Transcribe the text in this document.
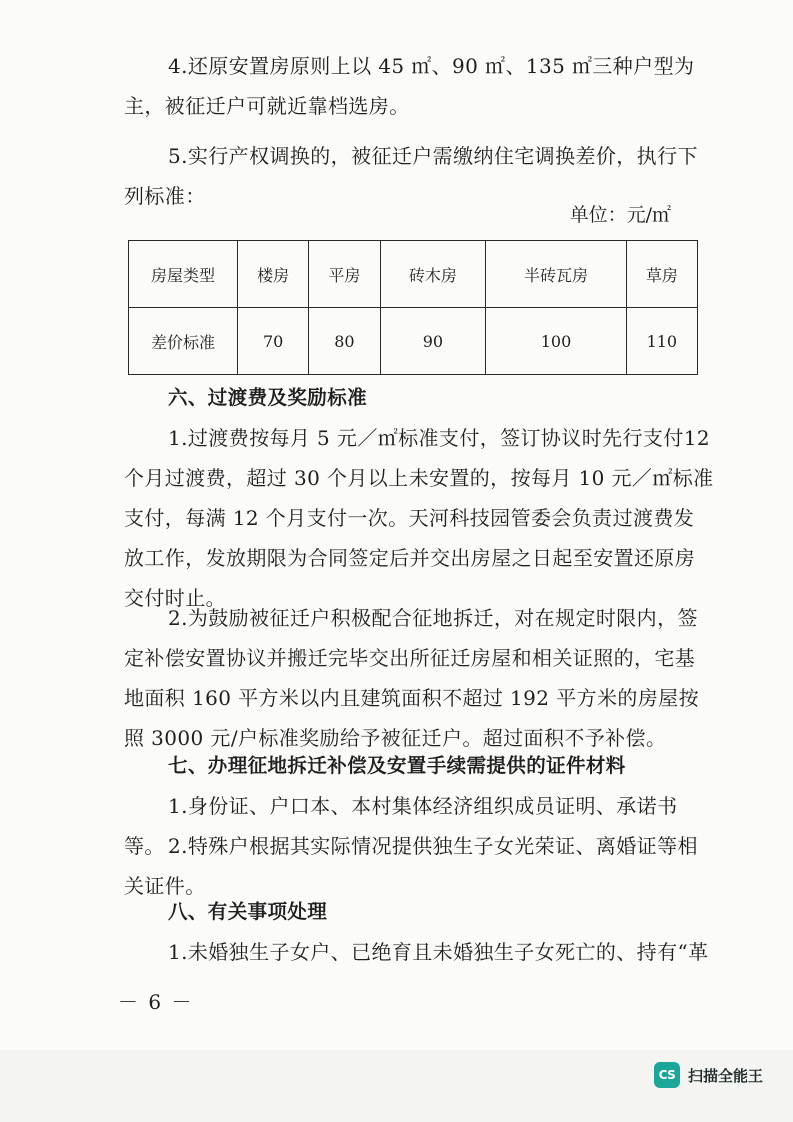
4.还原安置房原则上以 45 ㎡、90 ㎡、135 ㎡三种户型为主，被征迁户可就近靠档选房。

5.实行产权调换的，被征迁户需缴纳住宅调换差价，执行下列标准：

单位：元/㎡
房屋类型	楼房	平房	砖木房	半砖瓦房	草房
差价标准	70	80	90	100	110

六、过渡费及奖励标准

1.过渡费按每月 5 元／㎡标准支付，签订协议时先行支付12 个月过渡费，超过 30 个月以上未安置的，按每月 10 元／㎡标准支付，每满 12 个月支付一次。天河科技园管委会负责过渡费发放工作，发放期限为合同签定后并交出房屋之日起至安置还原房交付时止。

2.为鼓励被征迁户积极配合征地拆迁，对在规定时限内，签定补偿安置协议并搬迁完毕交出所征迁房屋和相关证照的，宅基地面积 160 平方米以内且建筑面积不超过 192 平方米的房屋按照 3000 元/户标准奖励给予被征迁户。超过面积不予补偿。

七、办理征地拆迁补偿及安置手续需提供的证件材料

1.身份证、户口本、本村集体经济组织成员证明、承诺书等。 2.特殊户根据其实际情况提供独生子女光荣证、离婚证等相关证件。

八、有关事项处理

1.未婚独生子女户、已绝育且未婚独生子女死亡的、持有“革

－ 6 －
CS 扫描全能王
